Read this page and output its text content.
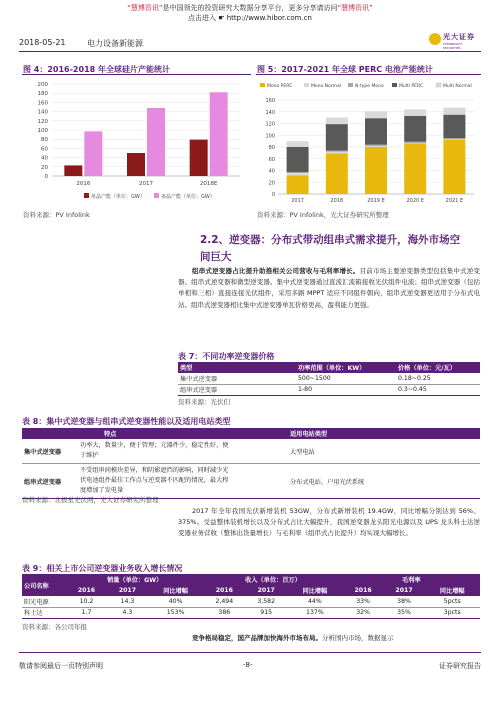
“慧博资讯”是中国领先的投资研究大数据分享平台，更多分享请访问“慧博资讯”
点击进入 ☛ http://www.hibor.com.cn
2018-05-21	电力设备新能源
光大证券
EVERBRIGHT SECURITIES
图 4：2016-2018 年全球硅片产能统计
0
20
40
60
80
100
120
140
160
180
200
2016	2017	2018E
单晶产能（单位：GW）	多晶产能（单位：GW）
资料来源：PV Infolink
图 5：2017-2021 年全球 PERC 电池产能统计
Mono PERC	Mono Normal	N-type Mono	Multi PERC	Multi Normal
0
20
40
60
80
100
120
140
160
2017	2018	2019 E	2020 E	2021 E
资料来源：PV Infolink，光大证券研究所整理
2.2、逆变器：分布式带动组串式需求提升，海外市场空
间巨大
组串式逆变器占比提升助推相关公司营收与毛利率增长。目前市场主要逆变器类型包括集中式逆变器、组串式逆变器和微型逆变器。集中式逆变器通过直流汇流箱接收光伏组件电流；组串式逆变器（包括单相和三相）直接连接光伏组件，采用多路 MPPT 适应不同组件朝向，组串式逆变器更适用于分布式电站。组串式逆变器相比集中式逆变器单瓦价格更高，盈利能力更强。
表 7：不同功率逆变器价格
类型	功率范围（单位：KW）	价格（单位：元/瓦）
集中式逆变器	500~1500	0.18~0.25
组串式逆变器	1-80	0.3~0.45
资料来源：光伏们
表 8：集中式逆变器与组串式逆变器性能以及适用电站类型
	特点	适用电站类型
集中式逆变器	功率大，数量少，便于管理；元器件少，稳定性好，便
于维护	大型电站
组串式逆变器	不受组串间模块差异，和阴影遮挡的影响，同时减少光
伏电池组件最佳工作点与逆变器不匹配的情况，最大程
度增加了发电量	分布式电站、户用光伏系统
资料来源：北极星光伏网，光大证券研究所整理
2017 年全年我国光伏新增装机 53GW，分布式新增装机 19.4GW，同比增幅分别达到 56%、375%。受益整体装机增长以及分布式占比大幅提升，我国逆变器龙头阳光电源以及 UPS 龙头科士达逆变器业务营收（整体出货量增长）与毛利率（组串式占比提升）均实现大幅增长。
表 9：相关上市公司逆变器业务收入增长情况
公司名称	销量（单位：GW）			收入（单位：百万）			毛利率		
	2016	2017	同比增幅	2016	2017	同比增幅	2016	2017	同比增幅
阳光电源	10.2	14.3	40%	2,494	3,582	44%	33%	38%	5pcts
科士达	1.7	4.3	153%	386	915	137%	32%	35%	3pcts
资料来源：各公司年报
竞争格局稳定，国产品牌加快海外市场布局。分析国内市场，数据显示
敬请参阅最后一页特别声明	-8-	证券研究报告
